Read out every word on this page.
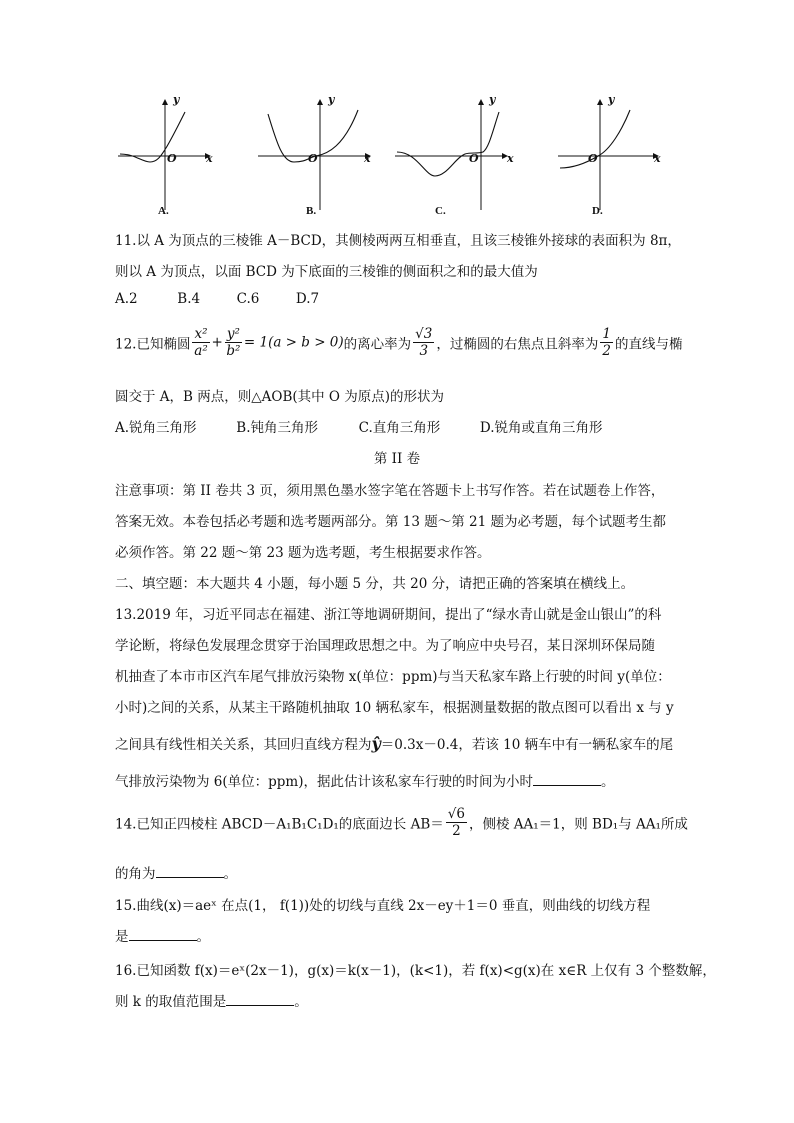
y
x
O
A.
y
x
O
B.
y
x
O
C.
y
x
O
D.
11.以 A 为顶点的三棱锥 A－BCD，其侧棱两两互相垂直，且该三棱锥外接球的表面积为 8π，
则以 A 为顶点，以面 BCD 为下底面的三棱锥的侧面积之和的最大值为
A.2	B.4	C.6	D.7
12.已知椭圆 $\frac{\text{x²}}{\text{a²}} + \frac{\text{y²}}{\text{b²}} = 1(a > b > 0)$的离心率为 $\frac{√3}{3}$ ，过椭圆的右焦点且斜率为 $\frac{1}{2}$ 的直线与椭
圆交于 A，B 两点，则△AOB(其中 O 为原点)的形状为
A.锐角三角形	B.钝角三角形	C.直角三角形	D.锐角或直角三角形
第 II 卷
注意事项：第 II 卷共 3 页，须用黑色墨水签字笔在答题卡上书写作答。若在试题卷上作答，
答案无效。本卷包括必考题和选考题两部分。第 13 题～第 21 题为必考题，每个试题考生都
必须作答。第 22 题～第 23 题为选考题，考生根据要求作答。
二、填空题：本大题共 4 小题，每小题 5 分，共 20 分，请把正确的答案填在横线上。
13.2019 年，习近平同志在福建、浙江等地调研期间，提出了“绿水青山就是金山银山”的科
学论断，将绿色发展理念贯穿于治国理政思想之中。为了响应中央号召，某日深圳环保局随
机抽查了本市市区汽车尾气排放污染物 x(单位：ppm)与当天私家车路上行驶的时间 y(单位：
小时)之间的关系，从某主干路随机抽取 10 辆私家车，根据测量数据的散点图可以看出 x 与 y
之间具有线性相关关系，其回归直线方程为ŷ＝0.3x－0.4，若该 10 辆车中有一辆私家车的尾
气排放污染物为 6(单位：ppm)，据此估计该私家车行驶的时间为小时	。
14.已知正四棱柱 ABCD－A₁B₁C₁D₁的底面边长 $AB= \frac{√6}{2}$ ，侧棱 AA₁＝1，则 BD₁与 AA₁所成
的角为	。
15.曲线(x)＝aeˣ 在点(1， f(1))处的切线与直线 2x－ey＋1＝0 垂直，则曲线的切线方程
是	。
16.已知函数 f(x)＝eˣ(2x－1)，g(x)＝k(x－1)，(k<1)，若 f(x)<g(x)在 x∈R 上仅有 3 个整数解，
则 k 的取值范围是	。
